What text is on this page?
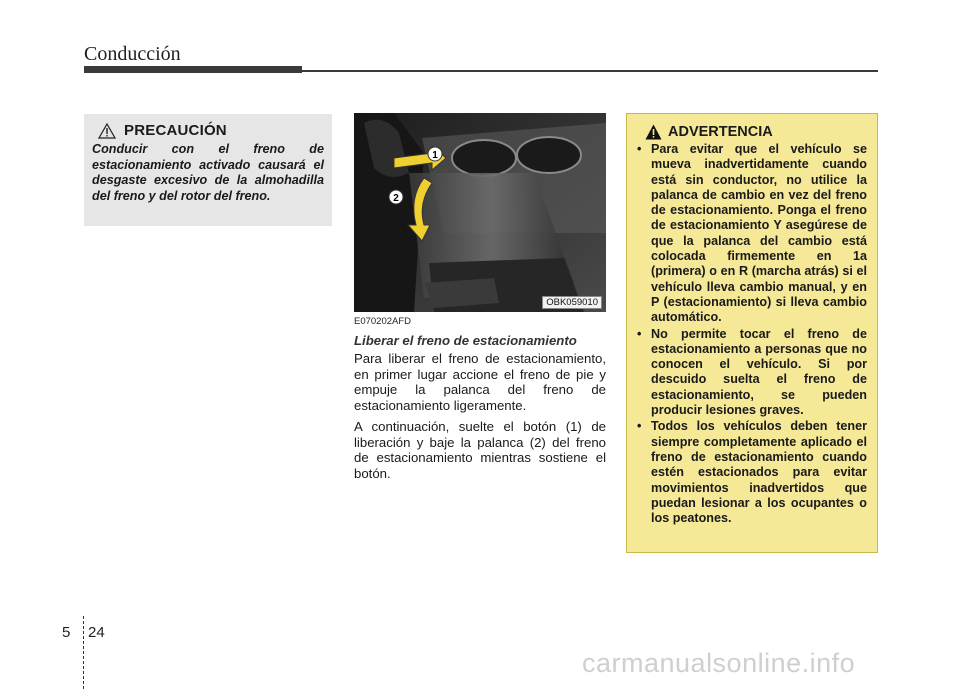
Conducción
PRECAUCIÓN

Conducir con el freno de estacionamiento activado causará el desgaste excesivo de la almohadilla del freno y del rotor del freno.

1
2
OBK059010
E070202AFD
Liberar el freno de estacionamiento

Para liberar el freno de estacionamiento, en primer lugar accione el freno de pie y empuje la palanca del freno de estacionamiento ligeramente.

A continuación, suelte el botón (1) de liberación y baje la palanca (2) del freno de estacionamiento mientras sostiene el botón.

ADVERTENCIA
• Para evitar que el vehículo se mueva inadvertidamente cuando está sin conductor, no utilice la palanca de cambio en vez del freno de estacionamiento. Ponga el freno de estacionamiento Y asegúrese de que la palanca del cambio está colocada firmemente en 1a (primera) o en R (marcha atrás) si el vehículo lleva cambio manual, y en P (estacionamiento) si lleva cambio automático.
• No permite tocar el freno de estacionamiento a personas que no conocen el vehículo. Si por descuido suelta el freno de estacionamiento, se pueden producir lesiones graves.
• Todos los vehículos deben tener siempre completamente aplicado el freno de estacionamiento cuando estén estacionados para evitar movimientos inadvertidos que puedan lesionar a los ocupantes o los peatones.
5 24
carmanualsonline.info
